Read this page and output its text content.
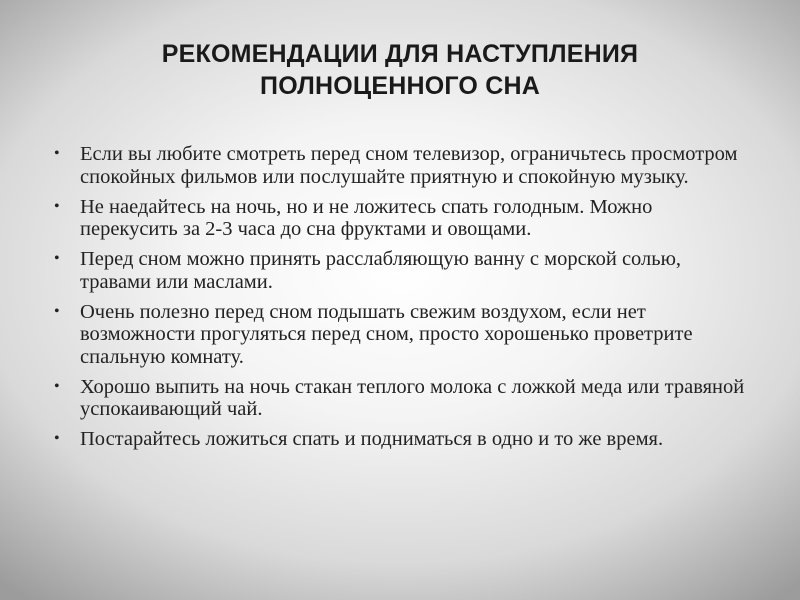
РЕКОМЕНДАЦИИ ДЛЯ НАСТУПЛЕНИЯ
ПОЛНОЦЕННОГО СНА
• Если вы любите смотреть перед сном телевизор, ограничьтесь просмотром спокойных фильмов или послушайте приятную и спокойную музыку.
• Не наедайтесь на ночь, но и не ложитесь спать голодным. Можно перекусить за 2-3 часа до сна фруктами и овощами.
• Перед сном можно принять расслабляющую ванну с морской солью, травами или маслами.
• Очень полезно перед сном подышать свежим воздухом, если нет возможности прогуляться перед сном, просто хорошенько проветрите спальную комнату.
• Хорошо выпить на ночь стакан теплого молока с ложкой меда или травяной успокаивающий чай.
• Постарайтесь ложиться спать и подниматься в одно и то же время.
